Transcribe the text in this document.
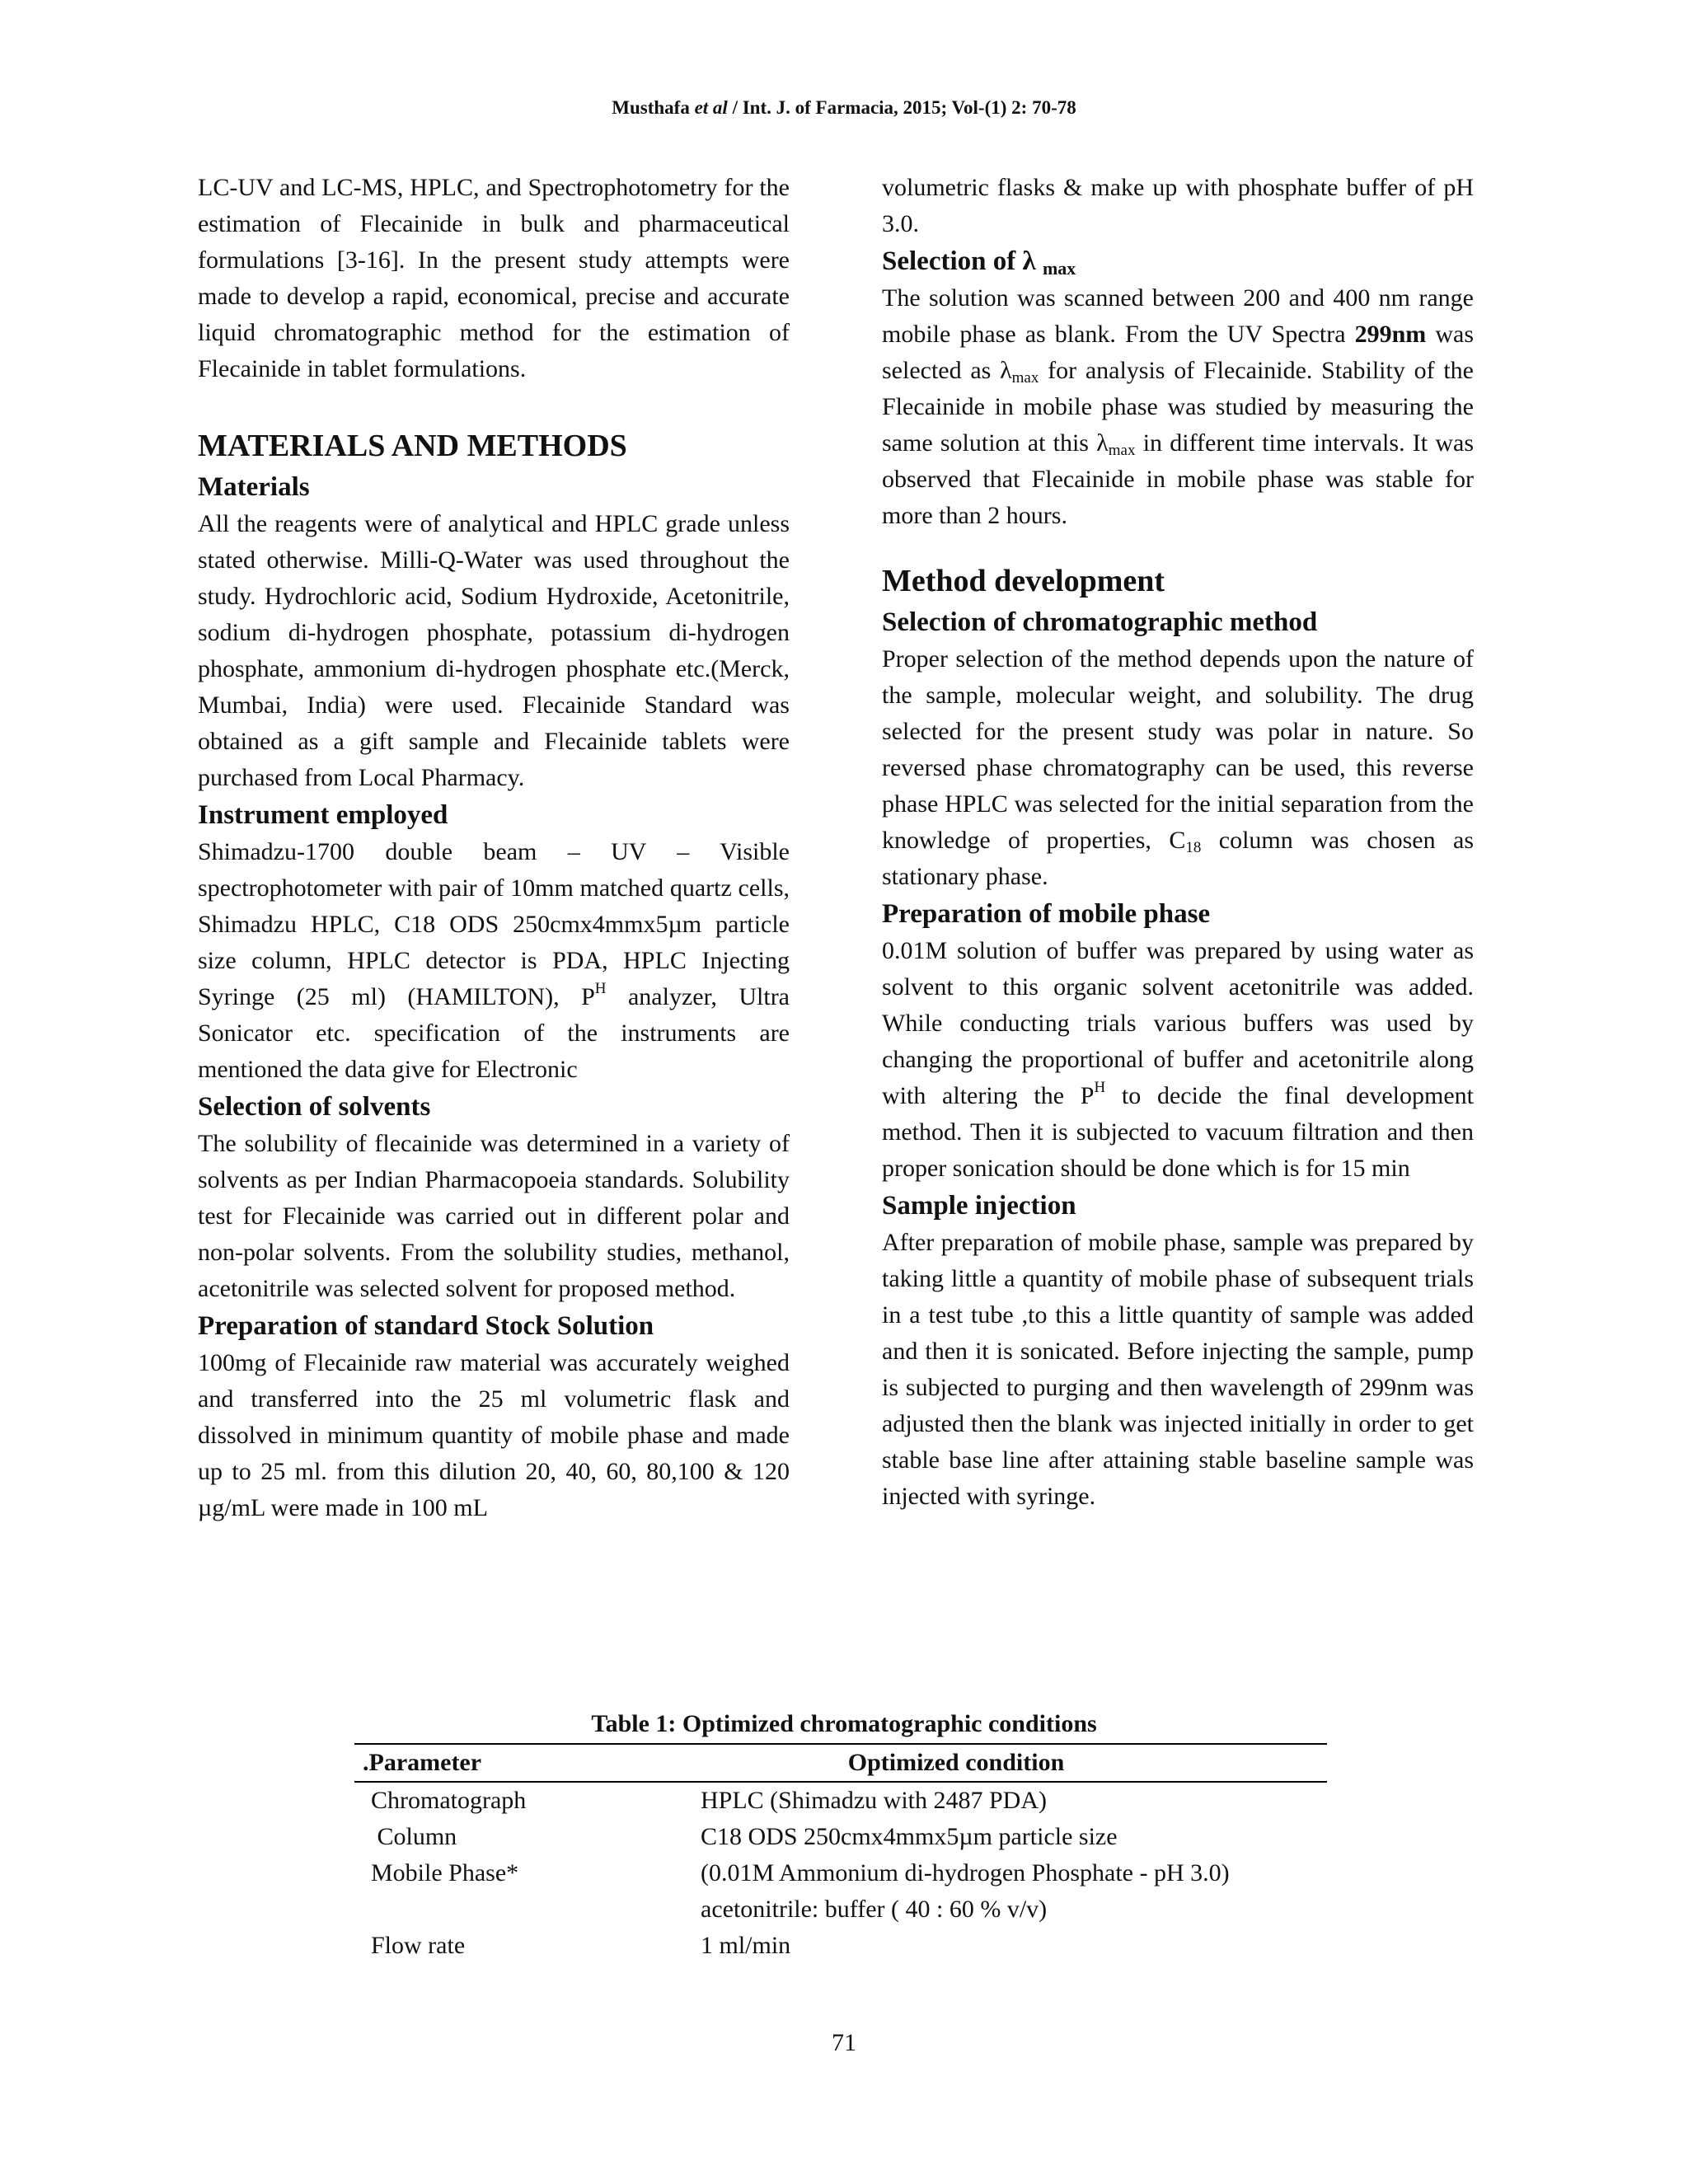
Musthafa et al / Int. J. of Farmacia, 2015; Vol-(1) 2: 70-78

LC-UV and LC-MS, HPLC, and Spectrophotometry for the estimation of Flecainide in bulk and pharmaceutical formulations [3-16]. In the present study attempts were made to develop a rapid, economical, precise and accurate liquid chromatographic method for the estimation of Flecainide in tablet formulations.

MATERIALS AND METHODS
Materials

All the reagents were of analytical and HPLC grade unless stated otherwise. Milli-Q-Water was used throughout the study. Hydrochloric acid, Sodium Hydroxide, Acetonitrile, sodium di-hydrogen phosphate, potassium di-hydrogen phosphate, ammonium di-hydrogen phosphate etc.(Merck, Mumbai, India) were used. Flecainide Standard was obtained as a gift sample and Flecainide tablets were purchased from Local Pharmacy.

Instrument employed

Shimadzu-1700 double beam – UV – Visible spectrophotometer with pair of 10mm matched quartz cells, Shimadzu HPLC, C18 ODS 250cmx4mmx5µm particle size column, HPLC detector is PDA, HPLC Injecting Syringe (25 ml) (HAMILTON), $P^H$ analyzer, Ultra Sonicator etc. specification of the instruments are mentioned the data give for Electronic

Selection of solvents

The solubility of flecainide was determined in a variety of solvents as per Indian Pharmacopoeia standards. Solubility test for Flecainide was carried out in different polar and non-polar solvents. From the solubility studies, methanol, acetonitrile was selected solvent for proposed method.

Preparation of standard Stock Solution

100mg of Flecainide raw material was accurately weighed and transferred into the 25 ml volumetric flask and dissolved in minimum quantity of mobile phase and made up to 25 ml. from this dilution 20, 40, 60, 80,100 & 120 µg/mL were made in 100 mL

volumetric flasks & make up with phosphate buffer of pH 3.0.

Selection of λ max

The solution was scanned between 200 and 400 nm range mobile phase as blank. From the UV Spectra 299nm was selected as $\lambda_{max}$ for analysis of Flecainide. Stability of the Flecainide in mobile phase was studied by measuring the same solution at this $\lambda_{max}$ in different time intervals. It was observed that Flecainide in mobile phase was stable for more than 2 hours.

Method development
Selection of chromatographic method

Proper selection of the method depends upon the nature of the sample, molecular weight, and solubility. The drug selected for the present study was polar in nature. So reversed phase chromatography can be used, this reverse phase HPLC was selected for the initial separation from the knowledge of properties, $C_{18}$ column was chosen as stationary phase.

Preparation of mobile phase

0.01M solution of buffer was prepared by using water as solvent to this organic solvent acetonitrile was added. While conducting trials various buffers was used by changing the proportional of buffer and acetonitrile along with altering the $P^H$ to decide the final development method. Then it is subjected to vacuum filtration and then proper sonication should be done which is for 15 min

Sample injection

After preparation of mobile phase, sample was prepared by taking little a quantity of mobile phase of subsequent trials in a test tube ,to this a little quantity of sample was added and then it is sonicated. Before injecting the sample, pump is subjected to purging and then wavelength of 299nm was adjusted then the blank was injected initially in order to get stable base line after attaining stable baseline sample was injected with syringe.

Table 1: Optimized chromatographic conditions
.Parameter	Optimized condition
Chromatograph	HPLC (Shimadzu with 2487 PDA)
Column	C18 ODS 250cmx4mmx5µm particle size
Mobile Phase*	(0.01M Ammonium di-hydrogen Phosphate - pH 3.0)
acetonitrile: buffer ( 40 : 60 % v/v)
Flow rate	1 ml/min
71
